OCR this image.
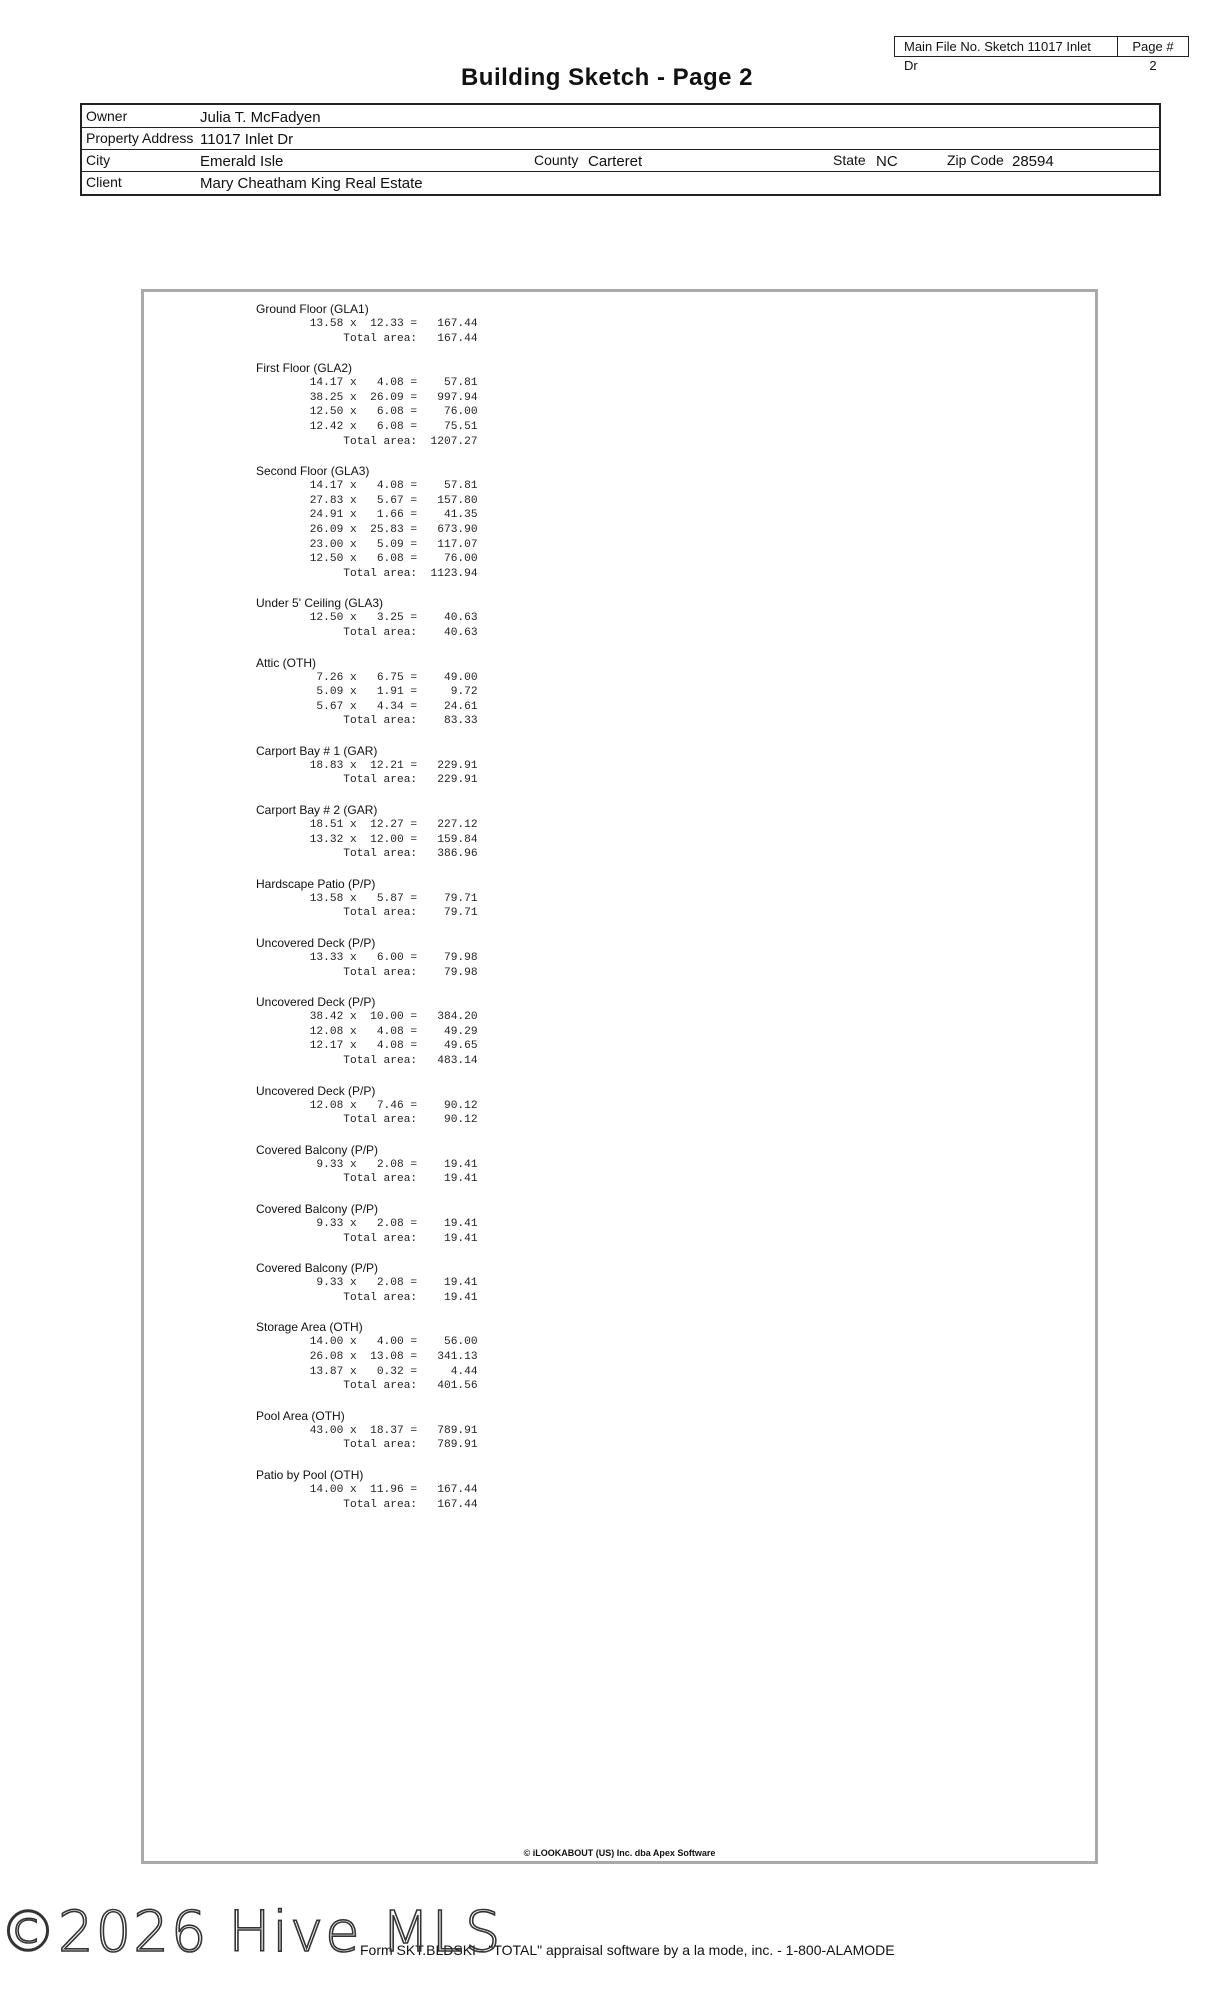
Main File No. Sketch 11017 Inlet Dr
Page # 2
Building Sketch - Page 2
Owner	Julia T. McFadyen
Property Address 11017 Inlet Dr
City	Emerald Isle	County Carteret	State NC	Zip Code 28594
Client	Mary Cheatham King Real Estate
Ground Floor (GLA1)
13.58 x  12.33 =   167.44
Total area:   167.44
First Floor (GLA2)
14.17 x   4.08 =    57.81
38.25 x  26.09 =   997.94
12.50 x   6.08 =    76.00
12.42 x   6.08 =    75.51
Total area:  1207.27
Second Floor (GLA3)
14.17 x   4.08 =    57.81
27.83 x   5.67 =   157.80
24.91 x   1.66 =    41.35
26.09 x  25.83 =   673.90
23.00 x   5.09 =   117.07
12.50 x   6.08 =    76.00
Total area:  1123.94
Under 5' Ceiling (GLA3)
12.50 x   3.25 =    40.63
Total area:    40.63
Attic (OTH)
7.26 x   6.75 =    49.00
5.09 x   1.91 =     9.72
5.67 x   4.34 =    24.61
Total area:    83.33
Carport Bay # 1 (GAR)
18.83 x  12.21 =   229.91
Total area:   229.91
Carport Bay # 2 (GAR)
18.51 x  12.27 =   227.12
13.32 x  12.00 =   159.84
Total area:   386.96
Hardscape Patio (P/P)
13.58 x   5.87 =    79.71
Total area:    79.71
Uncovered Deck (P/P)
13.33 x   6.00 =    79.98
Total area:    79.98
Uncovered Deck (P/P)
38.42 x  10.00 =   384.20
12.08 x   4.08 =    49.29
12.17 x   4.08 =    49.65
Total area:   483.14
Uncovered Deck (P/P)
12.08 x   7.46 =    90.12
Total area:    90.12
Covered Balcony (P/P)
9.33 x   2.08 =    19.41
Total area:    19.41
Covered Balcony (P/P)
9.33 x   2.08 =    19.41
Total area:    19.41
Covered Balcony (P/P)
9.33 x   2.08 =    19.41
Total area:    19.41
Storage Area (OTH)
14.00 x   4.00 =    56.00
26.08 x  13.08 =   341.13
13.87 x   0.32 =     4.44
Total area:   401.56
Pool Area (OTH)
43.00 x  18.37 =   789.91
Total area:   789.91
Patio by Pool (OTH)
14.00 x  11.96 =   167.44
Total area:   167.44
© iLOOKABOUT (US) Inc. dba Apex Software
Form SKT.BLDSKI - "TOTAL" appraisal software by a la mode, inc. - 1-800-ALAMODE
©2026 Hive MLS
